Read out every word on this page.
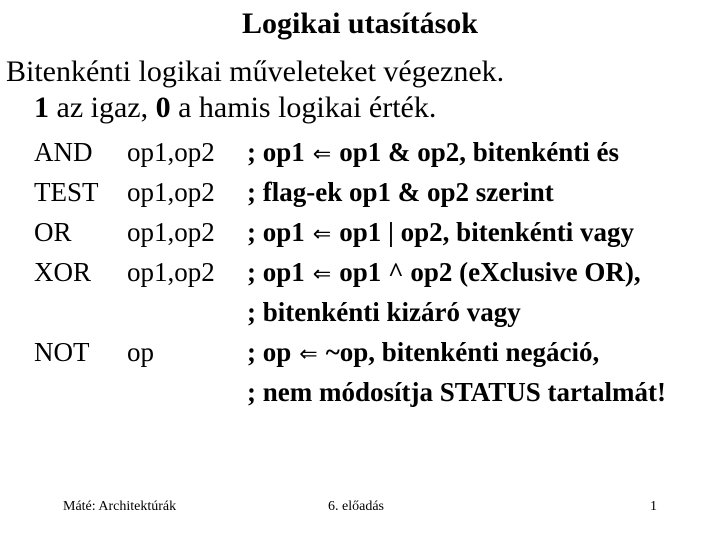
Logikai utasítások
Bitenkénti logikai műveleteket végeznek.
1 az igaz, 0 a hamis logikai érték.
AND op1,op2 ; op1 ⇐ op1 & op2, bitenkénti és
TEST op1,op2 ; flag-ek op1 & op2 szerint
OR op1,op2 ; op1 ⇐ op1 | op2, bitenkénti vagy
XOR op1,op2 ; op1 ⇐ op1 ^ op2 (eXclusive OR),
; bitenkénti kizáró vagy
NOT op	; op ⇐ ~op, bitenkénti negáció,
; nem módosítja STATUS tartalmát!
Máté: Architektúrák	6. előadás	1
